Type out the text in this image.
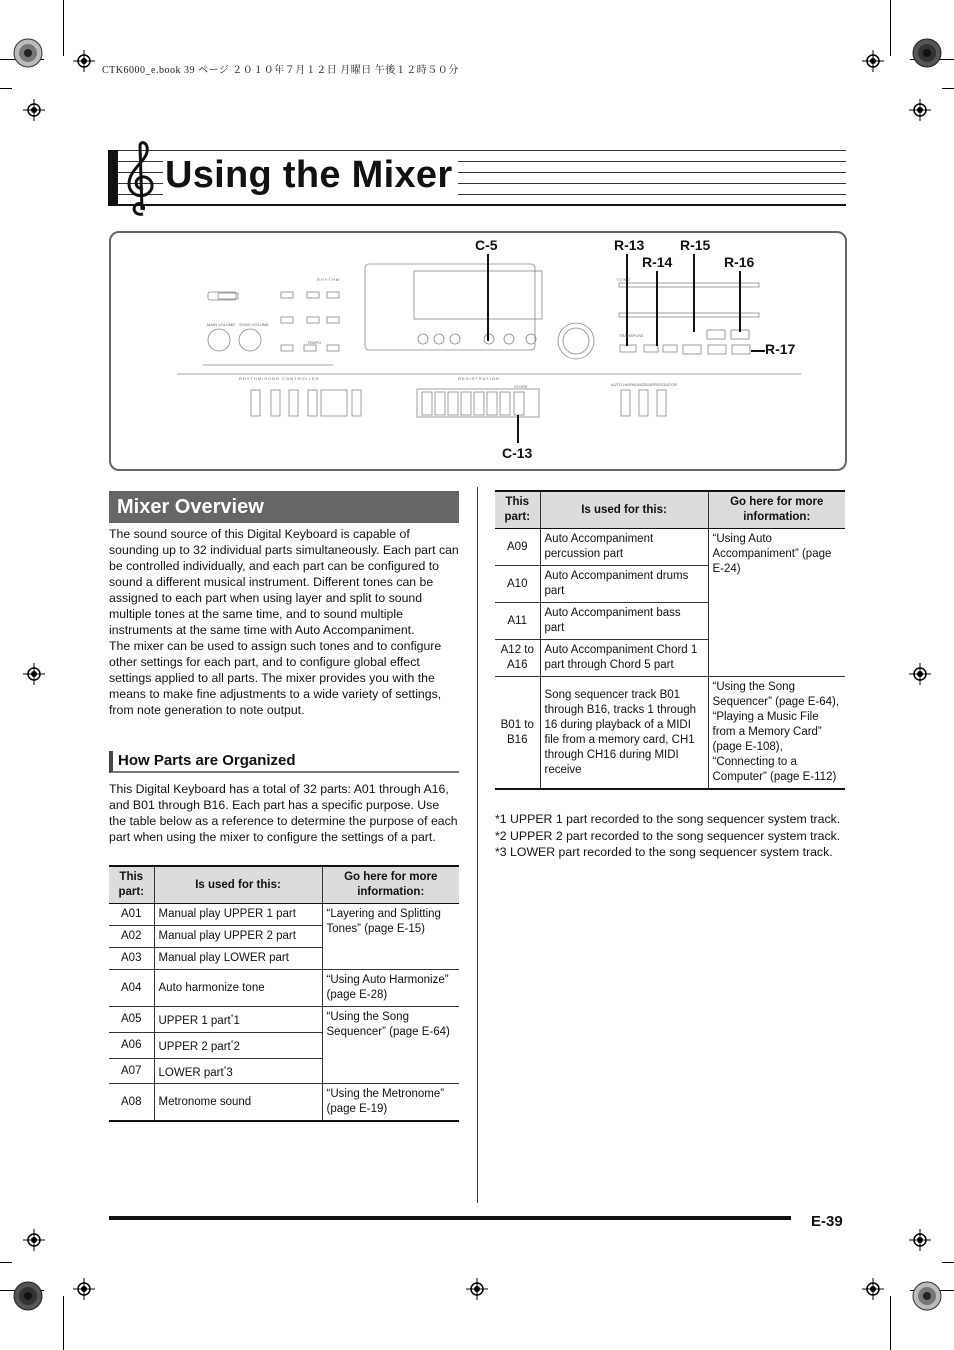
CTK6000_e.book 39 ページ ２０１０年７月１２日 月曜日 午後１２時５０分
Using the Mixer
C-5	R-13	R-15
R-14	R-16
R-17
C-13
RHYTHM	TONE
REGISTRATION
RHYTHM/SONG CONTROLLER
AUTO HARMONIZE/ARPEGGIATOR
STORE
TRANSPOSE
TEMPO
MAIN VOLUME SONG VOLUME
Mixer Overview

The sound source of this Digital Keyboard is capable of sounding up to 32 individual parts simultaneously. Each part can be controlled individually, and each part can be configured to sound a different musical instrument. Different tones can be assigned to each part when using layer and split to sound multiple tones at the same time, and to sound multiple instruments at the same time with Auto Accompaniment.

The mixer can be used to assign such tones and to configure other settings for each part, and to configure global effect settings applied to all parts. The mixer provides you with the means to make fine adjustments to a wide variety of settings, from note generation to note output.

How Parts are Organized

This Digital Keyboard has a total of 32 parts: A01 through A16, and B01 through B16. Each part has a specific purpose. Use the table below as a reference to determine the purpose of each part when using the mixer to configure the settings of a part.

This part:	Is used for this:	Go here for more information:
A01	Manual play UPPER 1 part	“Layering and Splitting Tones” (page E-15)
A02	Manual play UPPER 2 part	
A03	Manual play LOWER part	
A04	Auto harmonize tone	“Using Auto Harmonize” (page E-28)
A05	UPPER 1 part*1	“Using the Song Sequencer” (page E-64)
A06	UPPER 2 part*2	
A07	LOWER part*3	
A08	Metronome sound	“Using the Metronome” (page E-19)
This part:	Is used for this:	Go here for more information:
A09	Auto Accompaniment percussion part	“Using Auto Accompaniment” (page E-24)
A10	Auto Accompaniment drums part	
A11	Auto Accompaniment bass part	
A12 to A16	Auto Accompaniment Chord 1 part through Chord 5 part	
B01 to B16	Song sequencer track B01 through B16, tracks 1 through 16 during playback of a MIDI file from a memory card, CH1 through CH16 during MIDI receive	“Using the Song Sequencer” (page E-64), “Playing a Music File from a Memory Card” (page E-108), “Connecting to a Computer” (page E-112)
*1 UPPER 1 part recorded to the song sequencer system track.
*2 UPPER 2 part recorded to the song sequencer system track.
*3 LOWER part recorded to the song sequencer system track.
E-39
